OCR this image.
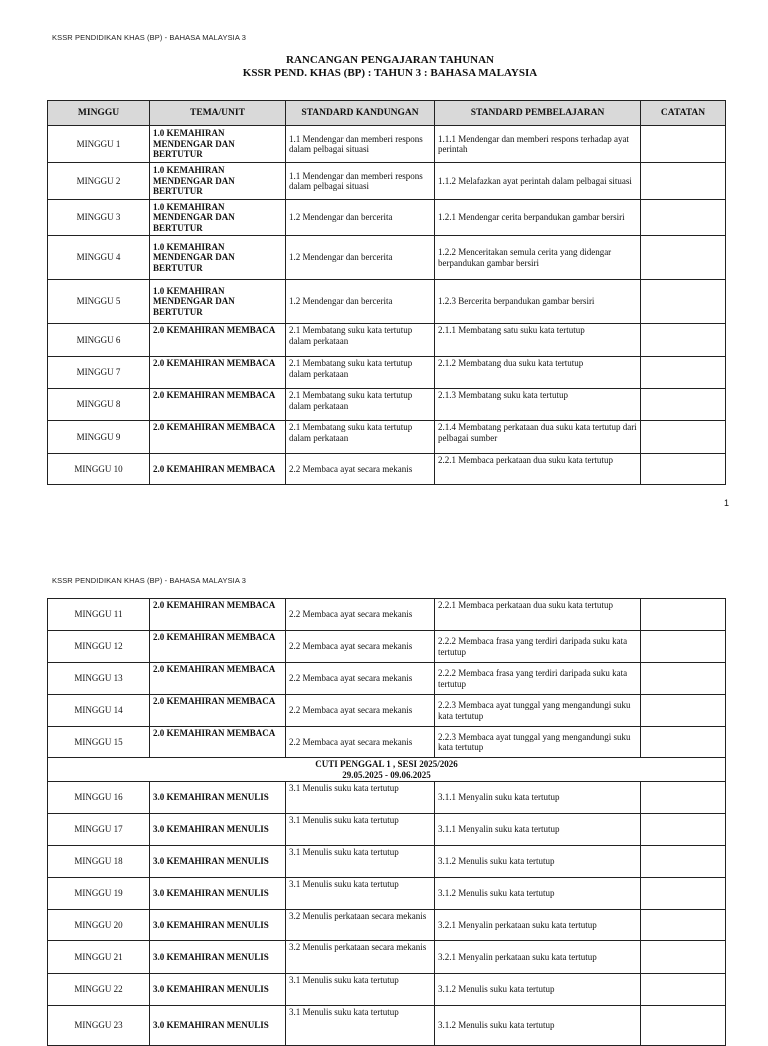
KSSR PENDIDIKAN KHAS (BP) - BAHASA MALAYSIA 3
RANCANGAN PENGAJARAN TAHUNAN
KSSR PEND. KHAS (BP) : TAHUN 3 : BAHASA MALAYSIA
MINGGU	TEMA/UNIT	STANDARD KANDUNGAN	STANDARD PEMBELAJARAN	CATATAN
MINGGU 1	1.0 KEMAHIRAN MENDENGAR DAN BERTUTUR	1.1 Mendengar dan memberi respons dalam pelbagai situasi	1.1.1 Mendengar dan memberi respons terhadap ayat perintah	
MINGGU 2	1.0 KEMAHIRAN MENDENGAR DAN BERTUTUR	1.1 Mendengar dan memberi respons dalam pelbagai situasi	1.1.2 Melafazkan ayat perintah dalam pelbagai situasi	
MINGGU 3	1.0 KEMAHIRAN MENDENGAR DAN BERTUTUR	1.2 Mendengar dan bercerita	1.2.1 Mendengar cerita berpandukan gambar bersiri	
MINGGU 4	1.0 KEMAHIRAN MENDENGAR DAN BERTUTUR	1.2 Mendengar dan bercerita	1.2.2 Menceritakan semula cerita yang didengar berpandukan gambar bersiri	
MINGGU 5	1.0 KEMAHIRAN MENDENGAR DAN BERTUTUR	1.2 Mendengar dan bercerita	1.2.3 Bercerita berpandukan gambar bersiri	
MINGGU 6	2.0 KEMAHIRAN MEMBACA	2.1 Membatang suku kata tertutup dalam perkataan	2.1.1 Membatang satu suku kata tertutup	
MINGGU 7	2.0 KEMAHIRAN MEMBACA	2.1 Membatang suku kata tertutup dalam perkataan	2.1.2 Membatang dua suku kata tertutup	
MINGGU 8	2.0 KEMAHIRAN MEMBACA	2.1 Membatang suku kata tertutup dalam perkataan	2.1.3 Membatang suku kata tertutup	
MINGGU 9	2.0 KEMAHIRAN MEMBACA	2.1 Membatang suku kata tertutup dalam perkataan	2.1.4 Membatang perkataan dua suku kata tertutup dari pelbagai sumber	
MINGGU 10	2.0 KEMAHIRAN MEMBACA	2.2 Membaca ayat secara mekanis	2.2.1 Membaca perkataan dua suku kata tertutup	
1
KSSR PENDIDIKAN KHAS (BP) - BAHASA MALAYSIA 3
MINGGU 11	2.0 KEMAHIRAN MEMBACA	2.2 Membaca ayat secara mekanis	2.2.1 Membaca perkataan dua suku kata tertutup	
MINGGU 12	2.0 KEMAHIRAN MEMBACA	2.2 Membaca ayat secara mekanis	2.2.2 Membaca frasa yang terdiri daripada suku kata tertutup	
MINGGU 13	2.0 KEMAHIRAN MEMBACA	2.2 Membaca ayat secara mekanis	2.2.2 Membaca frasa yang terdiri daripada suku kata tertutup	
MINGGU 14	2.0 KEMAHIRAN MEMBACA	2.2 Membaca ayat secara mekanis	2.2.3 Membaca ayat tunggal yang mengandungi suku kata tertutup	
MINGGU 15	2.0 KEMAHIRAN MEMBACA	2.2 Membaca ayat secara mekanis	2.2.3 Membaca ayat tunggal yang mengandungi suku kata tertutup	

CUTI PENGGAL 1 , SESI 2025/2026
29.05.2025 - 09.06.2025				

MINGGU 16	3.0 KEMAHIRAN MENULIS	3.1 Menulis suku kata tertutup	3.1.1 Menyalin suku kata tertutup	
MINGGU 17	3.0 KEMAHIRAN MENULIS	3.1 Menulis suku kata tertutup	3.1.1 Menyalin suku kata tertutup	
MINGGU 18	3.0 KEMAHIRAN MENULIS	3.1 Menulis suku kata tertutup	3.1.2 Menulis suku kata tertutup	
MINGGU 19	3.0 KEMAHIRAN MENULIS	3.1 Menulis suku kata tertutup	3.1.2 Menulis suku kata tertutup	
MINGGU 20	3.0 KEMAHIRAN MENULIS	3.2 Menulis perkataan secara mekanis	3.2.1 Menyalin perkataan suku kata tertutup	
MINGGU 21	3.0 KEMAHIRAN MENULIS	3.2 Menulis perkataan secara mekanis	3.2.1 Menyalin perkataan suku kata tertutup	
MINGGU 22	3.0 KEMAHIRAN MENULIS	3.1 Menulis suku kata tertutup	3.1.2 Menulis suku kata tertutup	
MINGGU 23	3.0 KEMAHIRAN MENULIS	3.1 Menulis suku kata tertutup	3.1.2 Menulis suku kata tertutup	
